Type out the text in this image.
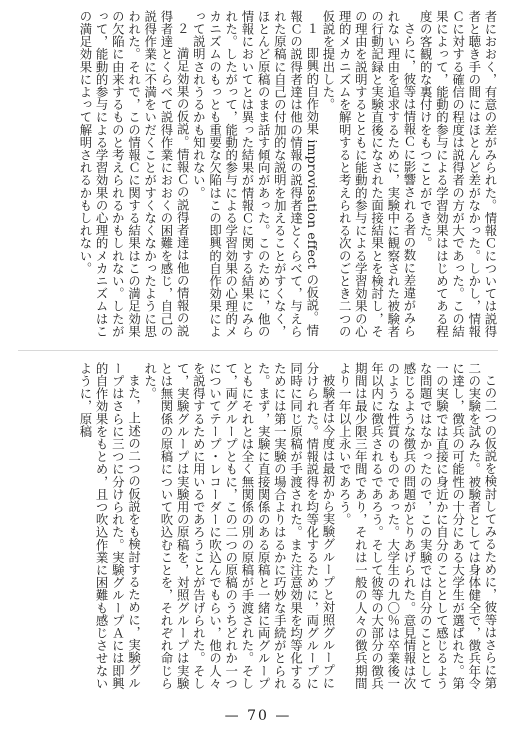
者におおく，有意の差がみられた。情報Ｃについては説得者と聴き手の間にはほとんど差がなかった。しかし，情報Ｃに対する確信の程度は説得者の方が大であった。この結果によって，能動的参与による学習効果ははじめてある程度の客観的な裏付けをもつことができた。

さらに，彼等は情報Ｃに影響される者の数に差違がみられない理由を追求するために，実験中に観察された被験者の行動記録と実験直後になされた面接結果とを検討し，その理由を説明するとともに能動的参与による学習効果の心理的メカニズムを解明すると考えられる次のごとき二つの仮説を提出した。

１　即興的自作効果 improvisation effect の仮説。情報Ｃの説得者達は他の情報の説得者達とくらべて，与えられた原稿に自己の付加的な説明を加えることがすくなく，ほとんど原稿のまま話す傾向があった。このために，他の情報においてとは異った結果が情報Ｃに関する結果にみられた。したがって，能動的参与による学習効果の心理的メカニズムのもっとも重要な欠陥はこの即興的自作効果によって説明されうるかも知れない。

２　満足効果の仮説。情報Ｃの説得者達は他の情報の説得者達とくらべて説得作業におおくの困難を感じ，自己の説得作業に不満をいだくことがすくなくなかったように思われた。それで，この情報Ｃに関する結果はこの満足効果の欠陥に由来するものと考えられるかもしれない。したがって，能動的参与による学習効果の心理的メカニズムはこの満足効果によって解明されるかもしれない。

この二つの仮説を検討してみるために，彼等はさらに第二の実験を試みた。被験者としては身体健全で，徴兵年令に達し，徴兵の可能性の十分にある大学生が選ばれた。第一の実験では直接に身近かに自分のこととして感じるような問題ではなかったので，この実験では自分のこととして感じるような徴兵の問題がとりあげられた。意見情報は次のような性質のものであった。大学生の九〇％は卒業後一年以内に徴兵されるであろう。そして彼等の大部分の徴兵期間は最少限三年間であり，それは一般の人々の徴兵期間より一年以上永いであろう。

被験者は今度は最初から実験グループと対照グループに分けられた。情報説得を均等化するために，両グループに同時に同じ原稿が手渡された。また注意効果を均等化するためには第一実験の場合よりはるかに巧妙な手続がとられた。まず，実験に直接関係のある原稿と一緒に両グループともにそれとは全く無関係の別の原稿が手渡された。そして，両グループともに，この二つの原稿のうちどれか一つについてテープ・レコーダーに吹込んでもらい，他の人々を説得するために用いるであろうことが告げられた。そして，実験グループは実験用の原稿を，対照グループは実験とは無関係の原稿について吹込むことを，それぞれ命じられた。

また，上述の二つの仮説をも検討するために，実験グループはさらに三つに分けられた。実験グループＡには即興的自作効果をもとめ，且つ吹込作業に困難も感じさせないように，原稿

— 70 —
